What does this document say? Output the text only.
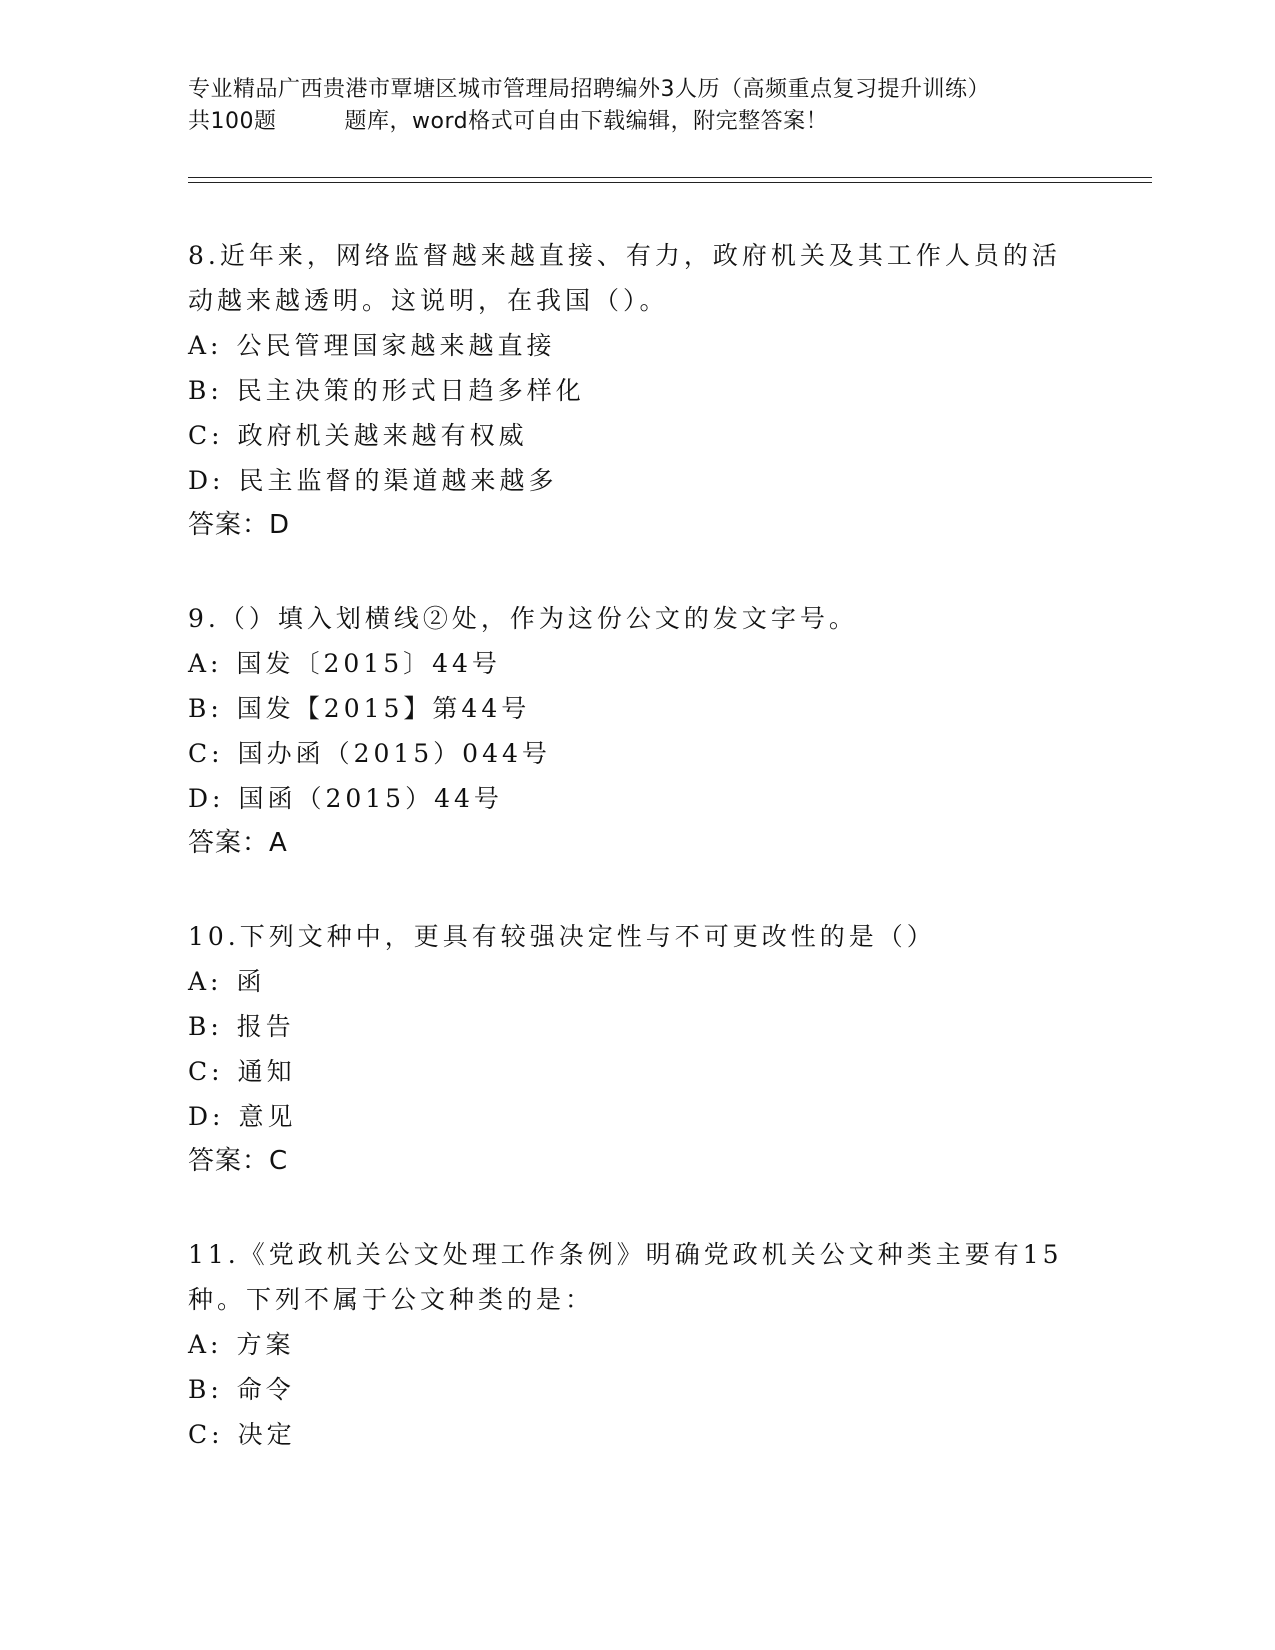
专业精品广西贵港市覃塘区城市管理局招聘编外3人历（高频重点复习提升训练）
共100题	题库，word格式可自由下载编辑，附完整答案！
8.近年来，网络监督越来越直接、有力，政府机关及其工作人员的活
动越来越透明。这说明，在我国（）。
A: 公民管理国家越来越直接
B: 民主决策的形式日趋多样化
C: 政府机关越来越有权威
D: 民主监督的渠道越来越多
答案：D
9.（）填入划横线②处，作为这份公文的发文字号。
A: 国发〔2015〕44号
B: 国发【2015】第44号
C: 国办函（2015）044号
D: 国函（2015）44号
答案：A
10.下列文种中，更具有较强决定性与不可更改性的是（）
A: 函
B: 报告
C: 通知
D: 意见
答案：C
11.《党政机关公文处理工作条例》明确党政机关公文种类主要有15
种。下列不属于公文种类的是：
A: 方案
B: 命令
C: 决定
